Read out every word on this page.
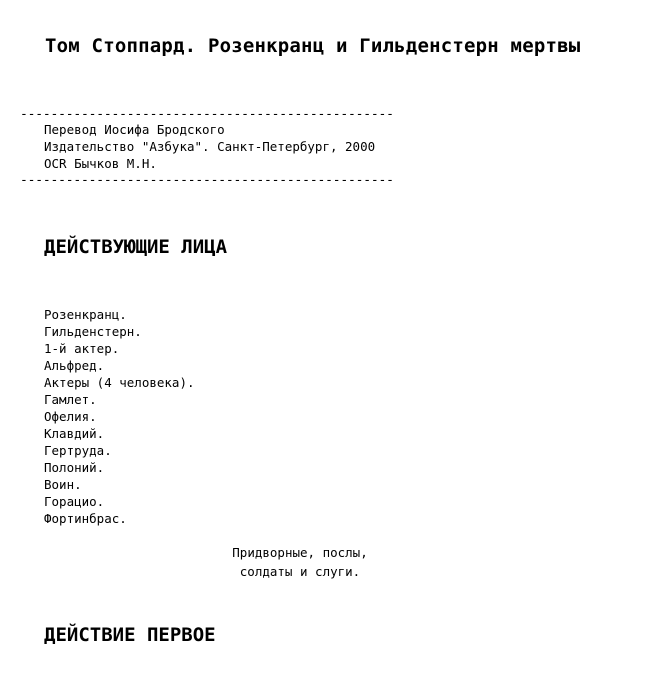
Том Стоппард. Розенкранц и Гильденстерн мертвы
-------------------------------------------------
Перевод Иосифа Бродского
Издательство "Азбука". Санкт-Петербург, 2000
OCR Бычков М.Н.
-------------------------------------------------
ДЕЙСТВУЮЩИЕ ЛИЦА
Розенкранц.
Гильденстерн.
1-й актер.
Альфред.
Актеры (4 человека).
Гамлет.
Офелия.
Клавдий.
Гертруда.
Полоний.
Воин.
Горацио.
Фортинбрас.
Придворные, послы,
солдаты и слуги.
ДЕЙСТВИЕ ПЕРВОЕ
